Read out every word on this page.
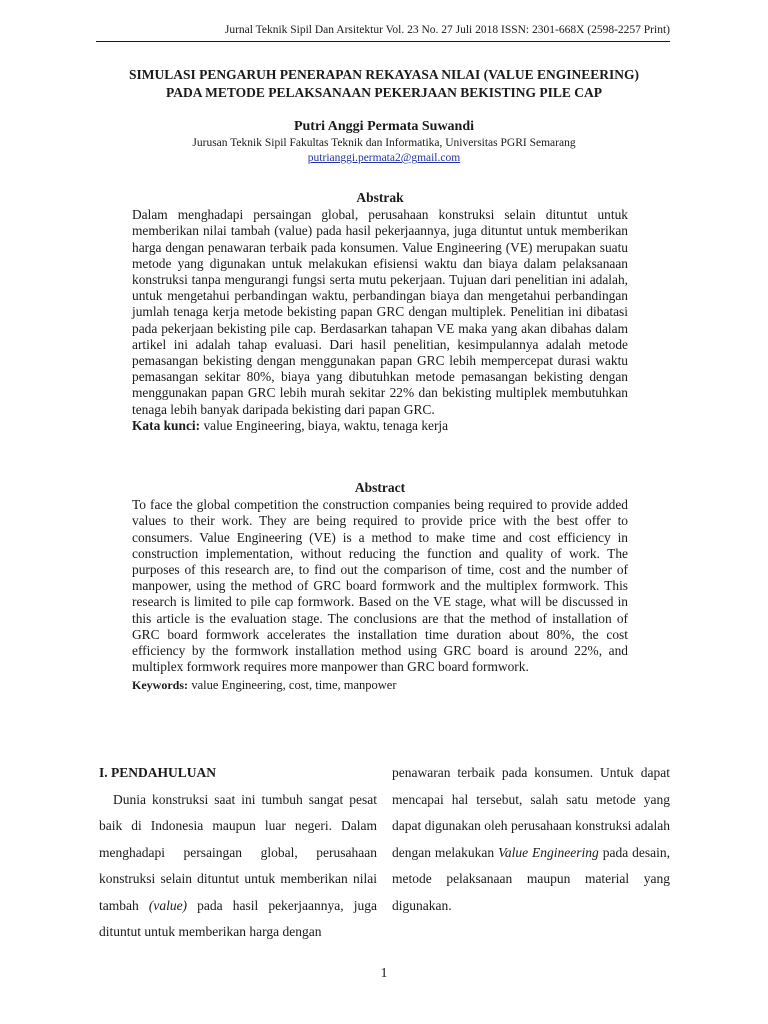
Jurnal Teknik Sipil Dan Arsitektur Vol. 23 No. 27 Juli 2018 ISSN: 2301-668X (2598-2257 Print)
SIMULASI PENGARUH PENERAPAN REKAYASA NILAI (VALUE ENGINEERING)
PADA METODE PELAKSANAAN PEKERJAAN BEKISTING PILE CAP
Putri Anggi Permata Suwandi
Jurusan Teknik Sipil Fakultas Teknik dan Informatika, Universitas PGRI Semarang
putrianggi.permata2@gmail.com
Abstrak

Dalam menghadapi persaingan global, perusahaan konstruksi selain dituntut untuk memberikan nilai tambah (value) pada hasil pekerjaannya, juga dituntut untuk memberikan harga dengan penawaran terbaik pada konsumen. Value Engineering (VE) merupakan suatu metode yang digunakan untuk melakukan efisiensi waktu dan biaya dalam pelaksanaan konstruksi tanpa mengurangi fungsi serta mutu pekerjaan. Tujuan dari penelitian ini adalah, untuk mengetahui perbandingan waktu, perbandingan biaya dan mengetahui perbandingan jumlah tenaga kerja metode bekisting papan GRC dengan multiplek. Penelitian ini dibatasi pada pekerjaan bekisting pile cap. Berdasarkan tahapan VE maka yang akan dibahas dalam artikel ini adalah tahap evaluasi. Dari hasil penelitian, kesimpulannya adalah metode pemasangan bekisting dengan menggunakan papan GRC lebih mempercepat durasi waktu pemasangan sekitar 80%, biaya yang dibutuhkan metode pemasangan bekisting dengan menggunakan papan GRC lebih murah sekitar 22% dan bekisting multiplek membutuhkan tenaga lebih banyak daripada bekisting dari papan GRC.

Kata kunci: value Engineering, biaya, waktu, tenaga kerja

Abstract

To face the global competition the construction companies being required to provide added values to their work. They are being required to provide price with the best offer to consumers. Value Engineering (VE) is a method to make time and cost efficiency in construction implementation, without reducing the function and quality of work. The purposes of this research are, to find out the comparison of time, cost and the number of manpower, using the method of GRC board formwork and the multiplex formwork. This research is limited to pile cap formwork. Based on the VE stage, what will be discussed in this article is the evaluation stage. The conclusions are that the method of installation of GRC board formwork accelerates the installation time duration about 80%, the cost efficiency by the formwork installation method using GRC board is around 22%, and multiplex formwork requires more manpower than GRC board formwork.

Keywords: value Engineering, cost, time, manpower

I. PENDAHULUAN

Dunia konstruksi saat ini tumbuh sangat pesat baik di Indonesia maupun luar negeri. Dalam menghadapi persaingan global, perusahaan konstruksi selain dituntut untuk memberikan nilai tambah (value) pada hasil pekerjaannya, juga dituntut untuk memberikan harga dengan

penawaran terbaik pada konsumen. Untuk dapat mencapai hal tersebut, salah satu metode yang dapat digunakan oleh perusahaan konstruksi adalah dengan melakukan Value Engineering pada desain, metode pelaksanaan maupun material yang digunakan.

1
